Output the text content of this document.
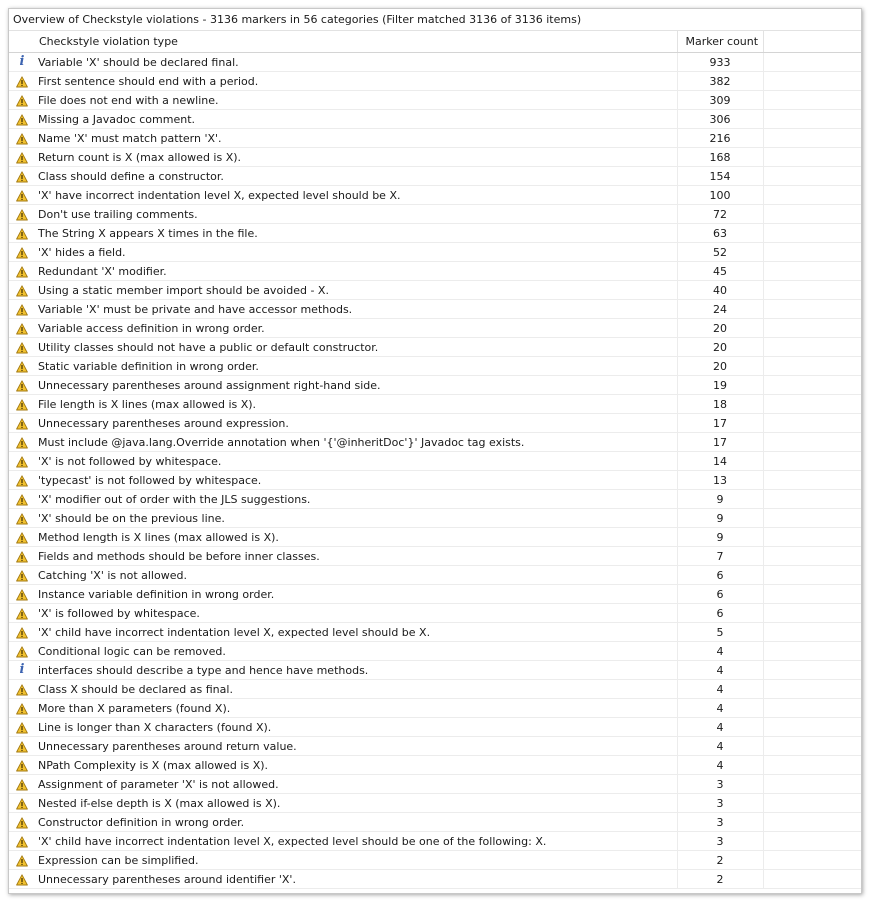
Overview of Checkstyle violations - 3136 markers in 56 categories (Filter matched 3136 of 3136 items)
	Checkstyle violation type	Marker count	
i	Variable 'X' should be declared final.	933	
	First sentence should end with a period.	382	
	File does not end with a newline.	309	
	Missing a Javadoc comment.	306	
	Name 'X' must match pattern 'X'.	216	
	Return count is X (max allowed is X).	168	
	Class should define a constructor.	154	
	'X' have incorrect indentation level X, expected level should be X.	100	
	Don't use trailing comments.	72	
	The String X appears X times in the file.	63	
	'X' hides a field.	52	
	Redundant 'X' modifier.	45	
	Using a static member import should be avoided - X.	40	
	Variable 'X' must be private and have accessor methods.	24	
	Variable access definition in wrong order.	20	
	Utility classes should not have a public or default constructor.	20	
	Static variable definition in wrong order.	20	
	Unnecessary parentheses around assignment right-hand side.	19	
	File length is X lines (max allowed is X).	18	
	Unnecessary parentheses around expression.	17	
	Must include @java.lang.Override annotation when '{'@inheritDoc'}' Javadoc tag exists.	17	
	'X' is not followed by whitespace.	14	
	'typecast' is not followed by whitespace.	13	
	'X' modifier out of order with the JLS suggestions.	9	
	'X' should be on the previous line.	9	
	Method length is X lines (max allowed is X).	9	
	Fields and methods should be before inner classes.	7	
	Catching 'X' is not allowed.	6	
	Instance variable definition in wrong order.	6	
	'X' is followed by whitespace.	6	
	'X' child have incorrect indentation level X, expected level should be X.	5	
	Conditional logic can be removed.	4	
i	interfaces should describe a type and hence have methods.	4	
	Class X should be declared as final.	4	
	More than X parameters (found X).	4	
	Line is longer than X characters (found X).	4	
	Unnecessary parentheses around return value.	4	
	NPath Complexity is X (max allowed is X).	4	
	Assignment of parameter 'X' is not allowed.	3	
	Nested if-else depth is X (max allowed is X).	3	
	Constructor definition in wrong order.	3	
	'X' child have incorrect indentation level X, expected level should be one of the following: X.	3	
	Expression can be simplified.	2	
	Unnecessary parentheses around identifier 'X'.	2	
